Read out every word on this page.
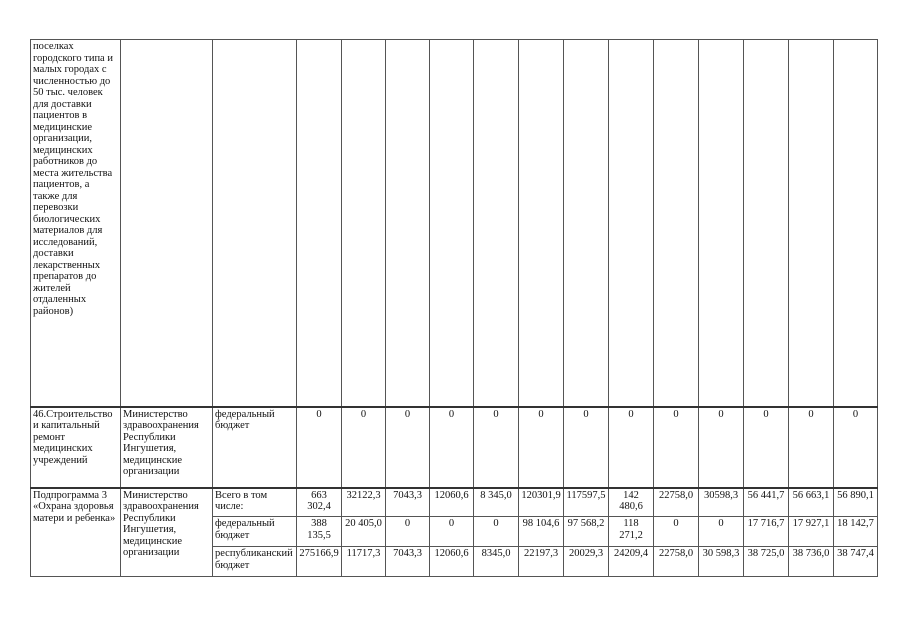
поселках городского типа и малых городах с численностью до 50 тыс. человек для доставки пациентов в медицинские организации, медицинских работников до места жительства пациентов, а также для перевозки биологических материалов для исследований, доставки лекарственных препаратов до жителей отдаленных районов)															
46.Строительство и капитальный ремонт медицинских учреждений	Министерство здравоохранения Республики Ингушетия, медицинские организации	федеральный бюджет	0	0	0	0	0	0	0	0	0	0	0	0	0
Подпрограмма 3 «Охрана здоровья матери и ребенка»	Министерство здравоохранения Республики Ингушетия, медицинские организации	Всего в том числе:	663 302,4	32122,3	7043,3	12060,6	8 345,0	120301,9	117597,5	142 480,6	22758,0	30598,3	56 441,7	56 663,1	56 890,1
		федеральный бюджет	388 135,5	20 405,0	0	0	0	98 104,6	97 568,2	118 271,2	0	0	17 716,7	17 927,1	18 142,7
		республиканский бюджет	275166,9	11717,3	7043,3	12060,6	8345,0	22197,3	20029,3	24209,4	22758,0	30 598,3	38 725,0	38 736,0	38 747,4
